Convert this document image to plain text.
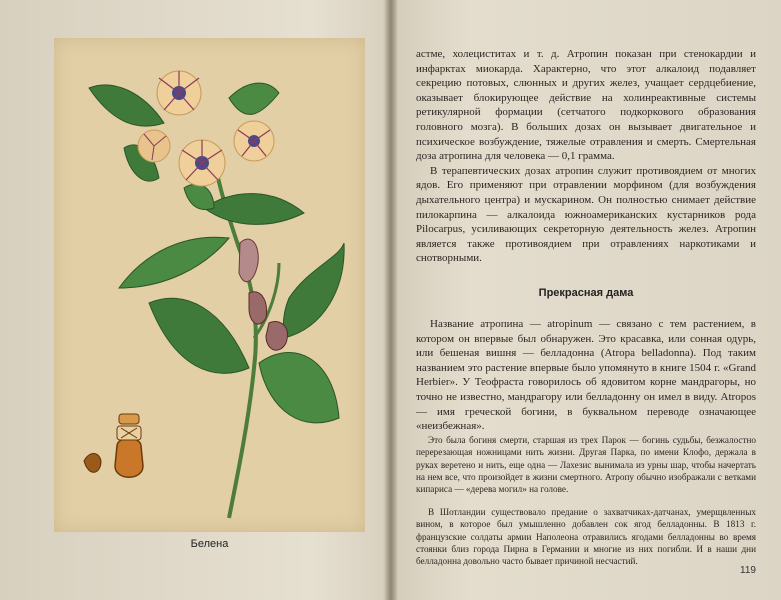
Белена

астме, холециститах и т. д. Атропин показан при стенокардии и инфарктах миокарда. Характерно, что этот алкалоид подавляет секрецию потовых, слюнных и других желез, учащает сердцебиение, оказывает блокирующее действие на холинреактивные системы ретикулярной формации (сетчатого подкоркового образования головного мозга). В больших дозах он вызывает двигательное и психическое возбуждение, тяжелые отравления и смерть. Смертельная доза атропина для человека — 0,1 грамма.

В терапевтических дозах атропин служит противоядием от многих ядов. Его применяют при отравлении морфином (для возбуждения дыхательного центра) и мускарином. Он полностью снимает действие пилокарпина — алкалоида южноамериканских кустарников рода Pilocarpus, усиливающих секреторную деятельность желез. Атропин является также противоядием при отравлениях наркотиками и снотворными.

Прекрасная дама

Название атропина — atropinum — связано с тем растением, в котором он впервые был обнаружен. Это красавка, или сонная одурь, или бешеная вишня — белладонна (Atropa belladonna). Под таким названием это растение впервые было упомянуто в книге 1504 г. «Grand Herbier». У Теофраста говорилось об ядовитом корне мандрагоры, но точно не известно, мандрагору или белладонну он имел в виду. Atropos — имя греческой богини, в буквальном переводе означающее «неизбежная».

Это была богиня смерти, старшая из трех Парок — богинь судьбы, безжалостно перерезающая ножницами нить жизни. Другая Парка, по имени Клофо, держала в руках веретено и нить, еще одна — Лахезис вынимала из урны шар, чтобы начертать на нем все, что произойдет в жизни смертного. Атропу обычно изображали с ветками кипариса — «дерева могил» на голове.

В Шотландии существовало предание о захватчиках-датчанах, умерщвленных вином, в которое был умышленно добавлен сок ягод белладонны. В 1813 г. французские солдаты армии Наполеона отравились ягодами белладонны во время стоянки близ города Пирна в Германии и многие из них погибли. И в наши дни белладонна довольно часто бывает причиной несчастий.

119
